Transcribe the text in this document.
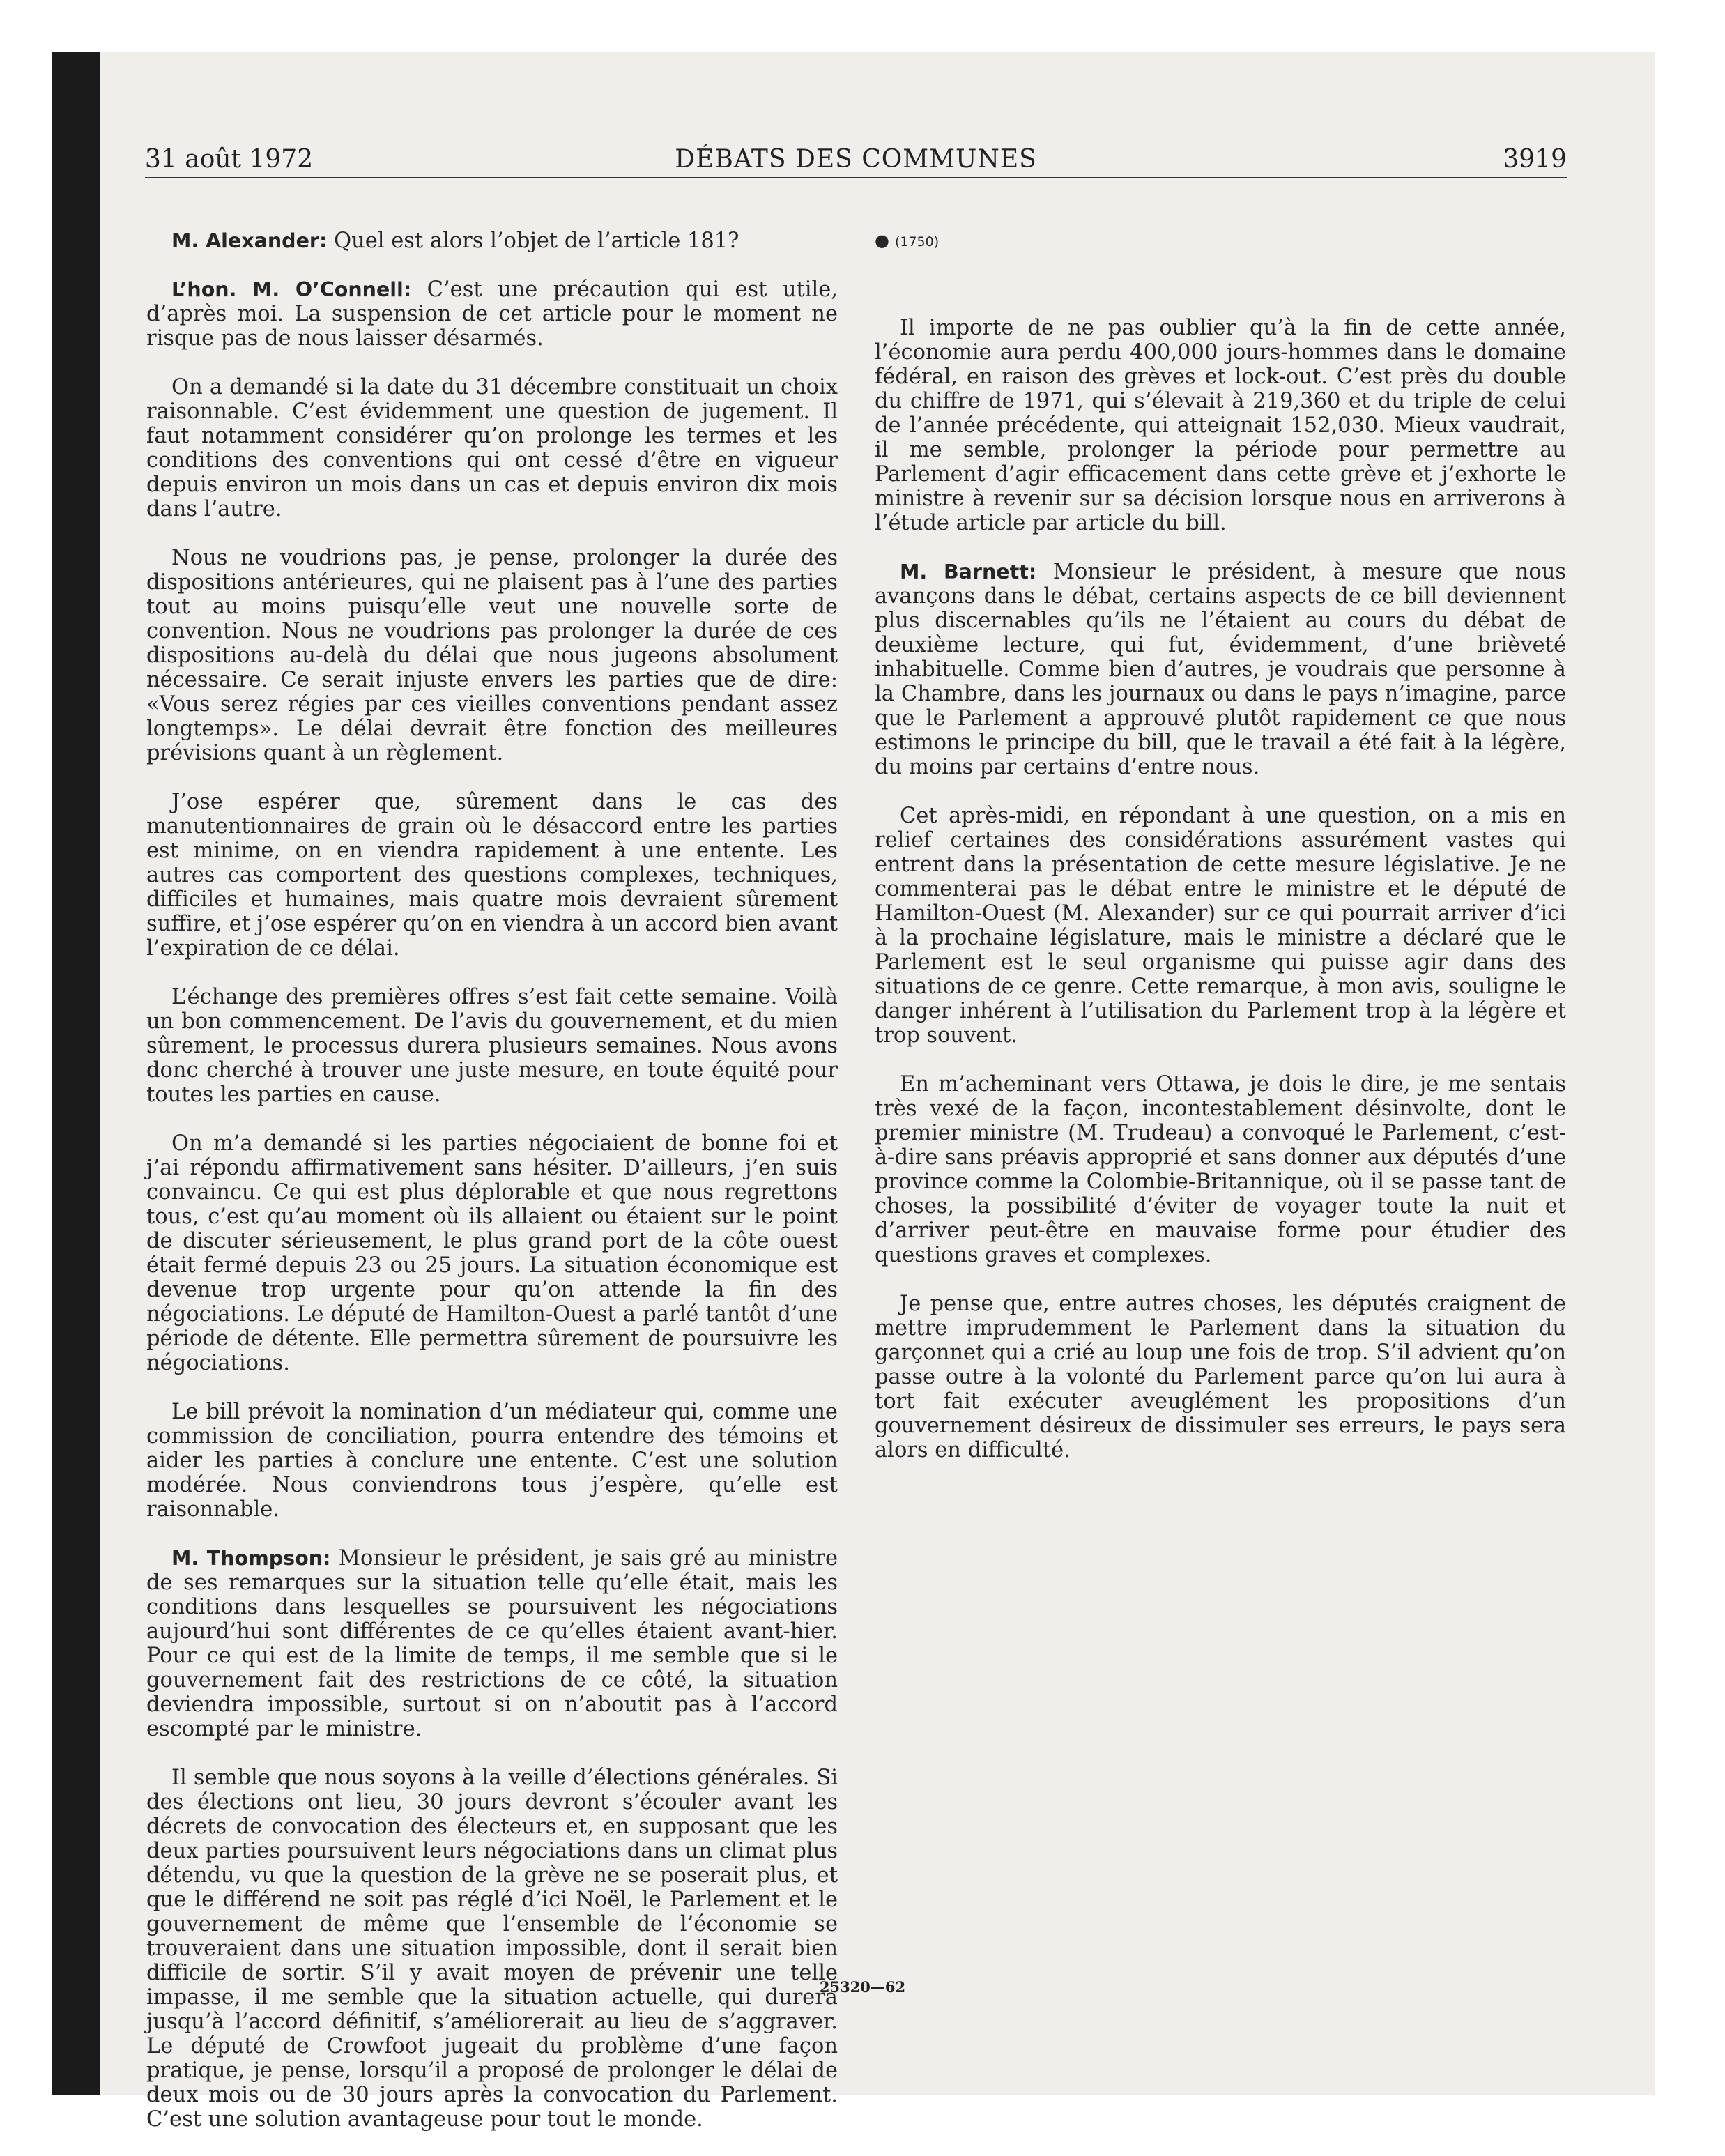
31 août 1972	DÉBATS DES COMMUNES	3919

M. Alexander: Quel est alors l’objet de l’article 181?

L’hon. M. O’Connell: C’est une précaution qui est utile, d’après moi. La suspension de cet article pour le moment ne risque pas de nous laisser désarmés.

On a demandé si la date du 31 décembre constituait un choix raisonnable. C’est évidemment une question de jugement. Il faut notamment considérer qu’on prolonge les termes et les conditions des conventions qui ont cessé d’être en vigueur depuis environ un mois dans un cas et depuis environ dix mois dans l’autre.

Nous ne voudrions pas, je pense, prolonger la durée des dispositions antérieures, qui ne plaisent pas à l’une des parties tout au moins puisqu’elle veut une nouvelle sorte de convention. Nous ne voudrions pas prolonger la durée de ces dispositions au-delà du délai que nous jugeons absolument nécessaire. Ce serait injuste envers les parties que de dire: «Vous serez régies par ces vieilles conventions pendant assez longtemps». Le délai devrait être fonction des meilleures prévisions quant à un règlement.

J’ose espérer que, sûrement dans le cas des manutentionnaires de grain où le désaccord entre les parties est minime, on en viendra rapidement à une entente. Les autres cas comportent des questions complexes, techniques, difficiles et humaines, mais quatre mois devraient sûrement suffire, et j’ose espérer qu’on en viendra à un accord bien avant l’expiration de ce délai.

L’échange des premières offres s’est fait cette semaine. Voilà un bon commencement. De l’avis du gouvernement, et du mien sûrement, le processus durera plusieurs semaines. Nous avons donc cherché à trouver une juste mesure, en toute équité pour toutes les parties en cause.

On m’a demandé si les parties négociaient de bonne foi et j’ai répondu affirmativement sans hésiter. D’ailleurs, j’en suis convaincu. Ce qui est plus déplorable et que nous regrettons tous, c’est qu’au moment où ils allaient ou étaient sur le point de discuter sérieusement, le plus grand port de la côte ouest était fermé depuis 23 ou 25 jours. La situation économique est devenue trop urgente pour qu’on attende la fin des négociations. Le député de Hamilton-Ouest a parlé tantôt d’une période de détente. Elle permettra sûrement de poursuivre les négociations.

Le bill prévoit la nomination d’un médiateur qui, comme une commission de conciliation, pourra entendre des témoins et aider les parties à conclure une entente. C’est une solution modérée. Nous conviendrons tous j’espère, qu’elle est raisonnable.

M. Thompson: Monsieur le président, je sais gré au ministre de ses remarques sur la situation telle qu’elle était, mais les conditions dans lesquelles se poursuivent les négociations aujourd’hui sont différentes de ce qu’elles étaient avant-hier. Pour ce qui est de la limite de temps, il me semble que si le gouvernement fait des restrictions de ce côté, la situation deviendra impossible, surtout si on n’aboutit pas à l’accord escompté par le ministre.

Il semble que nous soyons à la veille d’élections générales. Si des élections ont lieu, 30 jours devront s’écouler avant les décrets de convocation des électeurs et, en supposant que les deux parties poursuivent leurs négociations dans un climat plus détendu, vu que la question de la grève ne se poserait plus, et que le différend ne soit pas réglé d’ici Noël, le Parlement et le gouvernement de même que l’ensemble de l’économie se trouveraient dans une situation impossible, dont il serait bien difficile de sortir. S’il y avait moyen de prévenir une telle impasse, il me semble que la situation actuelle, qui durera jusqu’à l’accord définitif, s’améliorerait au lieu de s’aggraver. Le député de Crowfoot jugeait du problème d’une façon pratique, je pense, lorsqu’il a proposé de prolonger le délai de deux mois ou de 30 jours après la convocation du Parlement. C’est une solution avantageuse pour tout le monde.

● (1750)

Il importe de ne pas oublier qu’à la fin de cette année, l’économie aura perdu 400,000 jours-hommes dans le domaine fédéral, en raison des grèves et lock-out. C’est près du double du chiffre de 1971, qui s’élevait à 219,360 et du triple de celui de l’année précédente, qui atteignait 152,030. Mieux vaudrait, il me semble, prolonger la période pour permettre au Parlement d’agir efficacement dans cette grève et j’exhorte le ministre à revenir sur sa décision lorsque nous en arriverons à l’étude article par article du bill.

M. Barnett: Monsieur le président, à mesure que nous avançons dans le débat, certains aspects de ce bill deviennent plus discernables qu’ils ne l’étaient au cours du débat de deuxième lecture, qui fut, évidemment, d’une brièveté inhabituelle. Comme bien d’autres, je voudrais que personne à la Chambre, dans les journaux ou dans le pays n’imagine, parce que le Parlement a approuvé plutôt rapidement ce que nous estimons le principe du bill, que le travail a été fait à la légère, du moins par certains d’entre nous.

Cet après-midi, en répondant à une question, on a mis en relief certaines des considérations assurément vastes qui entrent dans la présentation de cette mesure législative. Je ne commenterai pas le débat entre le ministre et le député de Hamilton-Ouest (M. Alexander) sur ce qui pourrait arriver d’ici à la prochaine législature, mais le ministre a déclaré que le Parlement est le seul organisme qui puisse agir dans des situations de ce genre. Cette remarque, à mon avis, souligne le danger inhérent à l’utilisation du Parlement trop à la légère et trop souvent.

En m’acheminant vers Ottawa, je dois le dire, je me sentais très vexé de la façon, incontestablement désinvolte, dont le premier ministre (M. Trudeau) a convoqué le Parlement, c’est-à-dire sans préavis approprié et sans donner aux députés d’une province comme la Colombie-Britannique, où il se passe tant de choses, la possibilité d’éviter de voyager toute la nuit et d’arriver peut-être en mauvaise forme pour étudier des questions graves et complexes.

Je pense que, entre autres choses, les députés craignent de mettre imprudemment le Parlement dans la situation du garçonnet qui a crié au loup une fois de trop. S’il advient qu’on passe outre à la volonté du Parlement parce qu’on lui aura à tort fait exécuter aveuglément les propositions d’un gouvernement désireux de dissimuler ses erreurs, le pays sera alors en difficulté.

25320—62
